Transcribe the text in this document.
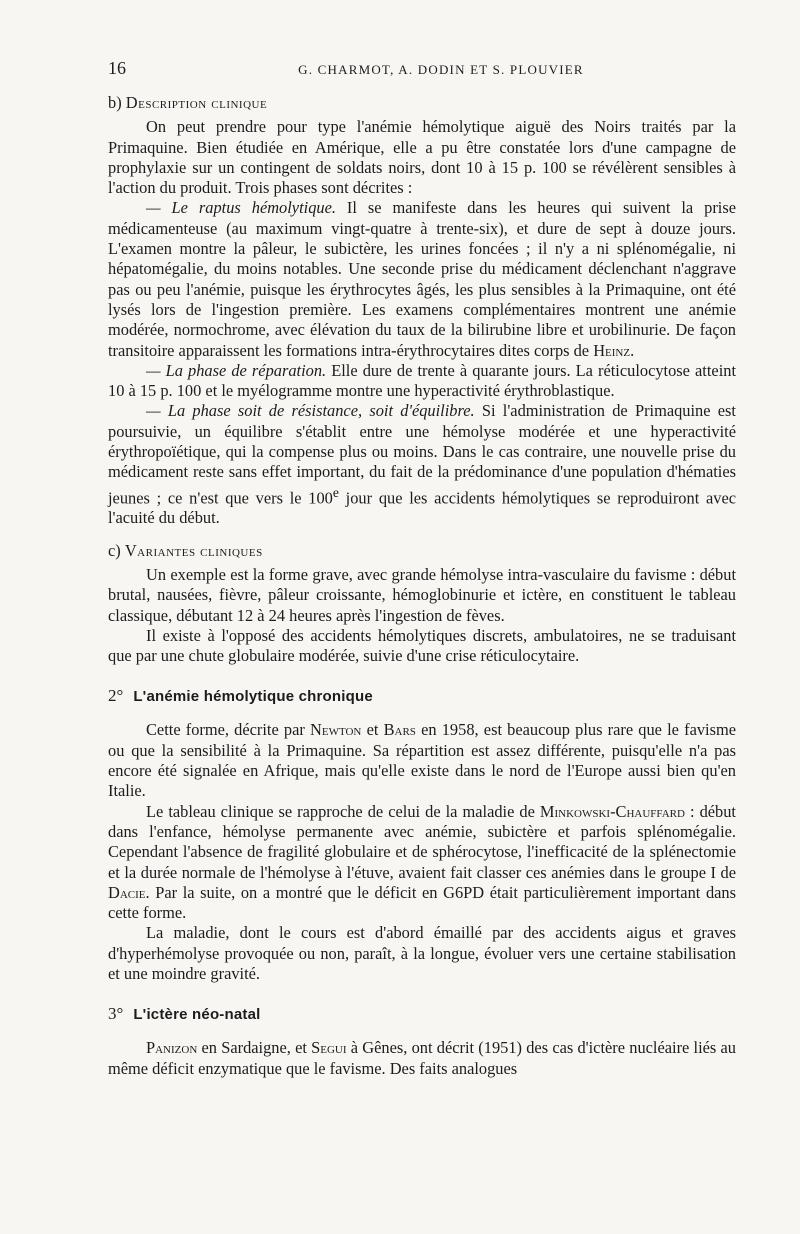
16	G. CHARMOT, A. DODIN ET S. PLOUVIER
b) Description clinique

On peut prendre pour type l'anémie hémolytique aiguë des Noirs traités par la Primaquine. Bien étudiée en Amérique, elle a pu être constatée lors d'une campagne de prophylaxie sur un contingent de soldats noirs, dont 10 à 15 p. 100 se révélèrent sensibles à l'action du produit. Trois phases sont décrites :

— Le raptus hémolytique. Il se manifeste dans les heures qui suivent la prise médicamenteuse (au maximum vingt-quatre à trente-six), et dure de sept à douze jours. L'examen montre la pâleur, le subictère, les urines foncées ; il n'y a ni splénomégalie, ni hépatomégalie, du moins notables. Une seconde prise du médicament déclenchant n'aggrave pas ou peu l'anémie, puisque les érythrocytes âgés, les plus sensibles à la Primaquine, ont été lysés lors de l'ingestion première. Les examens complémentaires montrent une anémie modérée, normochrome, avec élévation du taux de la bilirubine libre et urobilinurie. De façon transitoire apparaissent les formations intra-érythrocytaires dites corps de Heinz.

— La phase de réparation. Elle dure de trente à quarante jours. La réticulocytose atteint 10 à 15 p. 100 et le myélogramme montre une hyperactivité érythroblastique.

— La phase soit de résistance, soit d'équilibre. Si l'administration de Primaquine est poursuivie, un équilibre s'établit entre une hémolyse modérée et une hyperactivité érythropoïétique, qui la compense plus ou moins. Dans le cas contraire, une nouvelle prise du médicament reste sans effet important, du fait de la prédominance d'une population d'hématies jeunes ; ce n'est que vers le 100e jour que les accidents hémolytiques se reproduiront avec l'acuité du début.

c) Variantes cliniques

Un exemple est la forme grave, avec grande hémolyse intra-vasculaire du favisme : début brutal, nausées, fièvre, pâleur croissante, hémoglobinurie et ictère, en constituent le tableau classique, débutant 12 à 24 heures après l'ingestion de fèves.

Il existe à l'opposé des accidents hémolytiques discrets, ambulatoires, ne se traduisant que par une chute globulaire modérée, suivie d'une crise réticulocytaire.

2° L'anémie hémolytique chronique

Cette forme, décrite par Newton et Bars en 1958, est beaucoup plus rare que le favisme ou que la sensibilité à la Primaquine. Sa répartition est assez différente, puisqu'elle n'a pas encore été signalée en Afrique, mais qu'elle existe dans le nord de l'Europe aussi bien qu'en Italie.

Le tableau clinique se rapproche de celui de la maladie de Minkowski-Chauffard : début dans l'enfance, hémolyse permanente avec anémie, subictère et parfois splénomégalie. Cependant l'absence de fragilité globulaire et de sphérocytose, l'inefficacité de la splénectomie et la durée normale de l'hémolyse à l'étuve, avaient fait classer ces anémies dans le groupe I de Dacie. Par la suite, on a montré que le déficit en G6PD était particulièrement important dans cette forme.

La maladie, dont le cours est d'abord émaillé par des accidents aigus et graves d'hyperhémolyse provoquée ou non, paraît, à la longue, évoluer vers une certaine stabilisation et une moindre gravité.

3° L'ictère néo-natal

Panizon en Sardaigne, et Segui à Gênes, ont décrit (1951) des cas d'ictère nucléaire liés au même déficit enzymatique que le favisme. Des faits analogues
